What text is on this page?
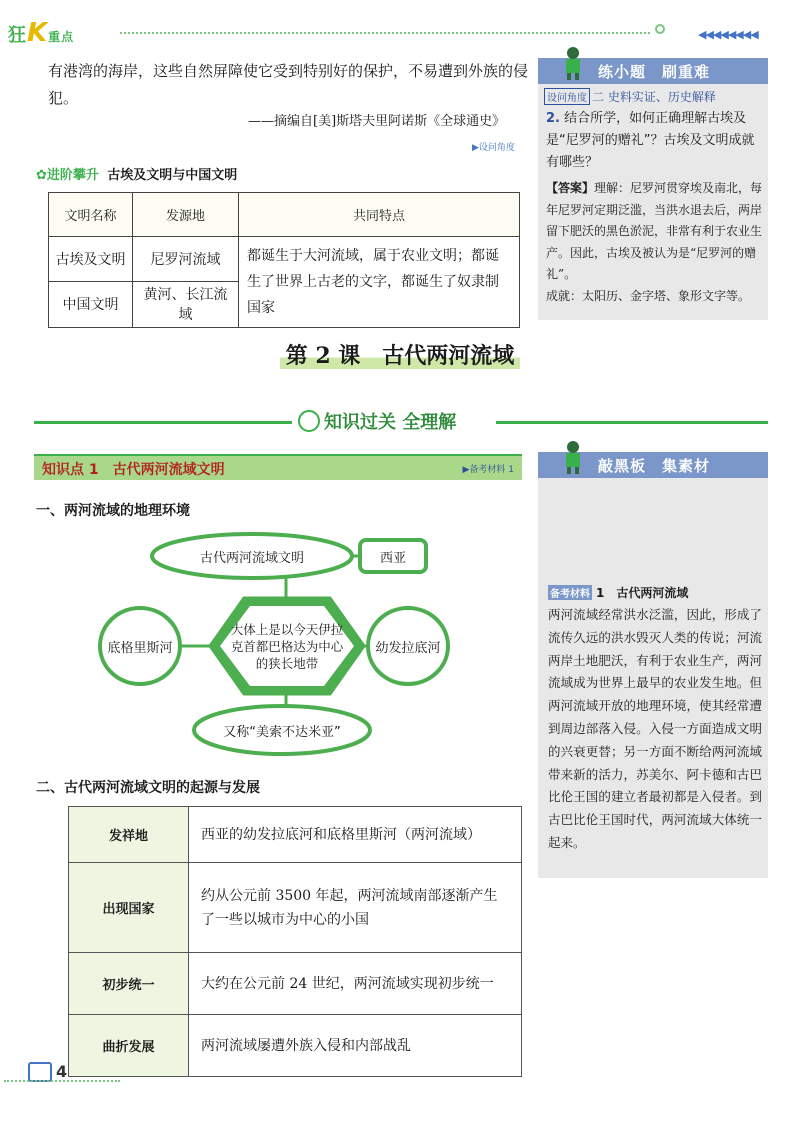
狂K重点	◀◀◀◀◀◀◀◀
有港湾的海岸，这些自然屏障使它受到特别好的保护，不易遭到外族的侵犯。
——摘编自[美]斯塔夫里阿诺斯《全球通史》
▶设问角度
✿进阶攀升 古埃及文明与中国文明
文明名称	发源地	共同特点
古埃及文明	尼罗河流域	都诞生于大河流域，属于农业文明；都诞生了世界上古老的文字，都诞生了奴隶制国家
中国文明	黄河、长江流域	
第 2 课　古代两河流域
知识过关 全理解
知识点 1　古代两河流域文明	▶备考材料 1
一、两河流域的地理环境
古代两河流域文明	西亚
底格里斯河	幼发拉底河
大体上是以今天伊拉克首都巴格达为中心的狭长地带
又称“美索不达米亚”
二、古代两河流域文明的起源与发展
发祥地	西亚的幼发拉底河和底格里斯河（两河流域）
出现国家	约从公元前 3500 年起，两河流域南部逐渐产生了一些以城市为中心的小国
初步统一	大约在公元前 24 世纪，两河流域实现初步统一
曲折发展	两河流域屡遭外族入侵和内部战乱
练小题　刷重难
设问角度 二 史料实证、历史解释
2. 结合所学，如何正确理解古埃及是“尼罗河的赠礼”？古埃及文明成就有哪些？
【答案】理解：尼罗河贯穿埃及南北，每年尼罗河定期泛滥，当洪水退去后，两岸留下肥沃的黑色淤泥，非常有利于农业生产。因此，古埃及被认为是“尼罗河的赠礼”。
成就：太阳历、金字塔、象形文字等。
敲黑板　集素材
备考材料 1　古代两河流域
两河流域经常洪水泛滥，因此，形成了流传久远的洪水毁灭人类的传说；河流两岸土地肥沃，有利于农业生产，两河流域成为世界上最早的农业发生地。但两河流域开放的地理环境，使其经常遭到周边部落入侵。入侵一方面造成文明的兴衰更替；另一方面不断给两河流域带来新的活力，苏美尔、阿卡德和古巴比伦王国的建立者最初都是入侵者。到古巴比伦王国时代，两河流域大体统一起来。
4
